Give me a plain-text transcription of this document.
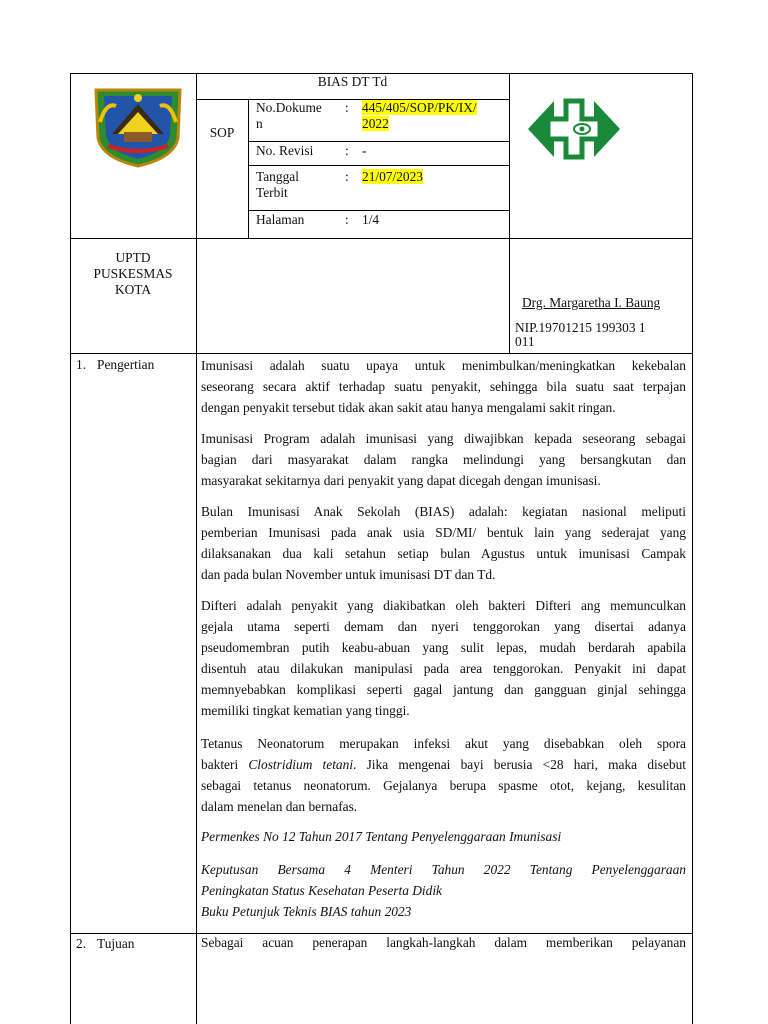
BIAS DT Td
SOP
No.Dokume
n
: 445/405/SOP/PK/IX/
2022
No. Revisi : -
Tanggal
Terbit
: 21/07/2023
Halaman	: 1/4
UPTD
PUSKESMAS
KOTA
Drg. Margaretha I. Baung
NIP.19701215 199303 1
011
1. Pengertian	Imunisasi adalah suatu upaya untuk menimbulkan/meningkatkan kekebalan
seseorang secara aktif terhadap suatu penyakit, sehingga bila suatu saat terpajan
dengan penyakit tersebut tidak akan sakit atau hanya mengalami sakit ringan.
Imunisasi Program adalah imunisasi yang diwajibkan kepada seseorang sebagai
bagian dari masyarakat dalam rangka melindungi yang bersangkutan dan
masyarakat sekitarnya dari penyakit yang dapat dicegah dengan imunisasi.
Bulan Imunisasi Anak Sekolah (BIAS) adalah: kegiatan nasional meliputi
pemberian Imunisasi pada anak usia SD/MI/ bentuk lain yang sederajat yang
dilaksanakan dua kali setahun setiap bulan Agustus untuk imunisasi Campak
dan pada bulan November untuk imunisasi DT dan Td.
Difteri adalah penyakit yang diakibatkan oleh bakteri Difteri ang memunculkan
gejala utama seperti demam dan nyeri tenggorokan yang disertai adanya
pseudomembran putih keabu-abuan yang sulit lepas, mudah berdarah apabila
disentuh atau dilakukan manipulasi pada area tenggorokan. Penyakit ini dapat
memnyebabkan komplikasi seperti gagal jantung dan gangguan ginjal sehingga
memiliki tingkat kematian yang tinggi.
Tetanus Neonatorum merupakan infeksi akut yang disebabkan oleh spora
bakteri Clostridium tetani. Jika mengenai bayi berusia <28 hari, maka disebut
sebagai tetanus neonatorum. Gejalanya berupa spasme otot, kejang, kesulitan
dalam menelan dan bernafas.
Permenkes No 12 Tahun 2017 Tentang Penyelenggaraan Imunisasi
Keputusan Bersama 4 Menteri Tahun 2022 Tentang Penyelenggaraan
Peningkatan Status Kesehatan Peserta Didik
Buku Petunjuk Teknis BIAS tahun 2023
2. Tujuan	Sebagai acuan penerapan langkah-langkah dalam memberikan pelayanan
